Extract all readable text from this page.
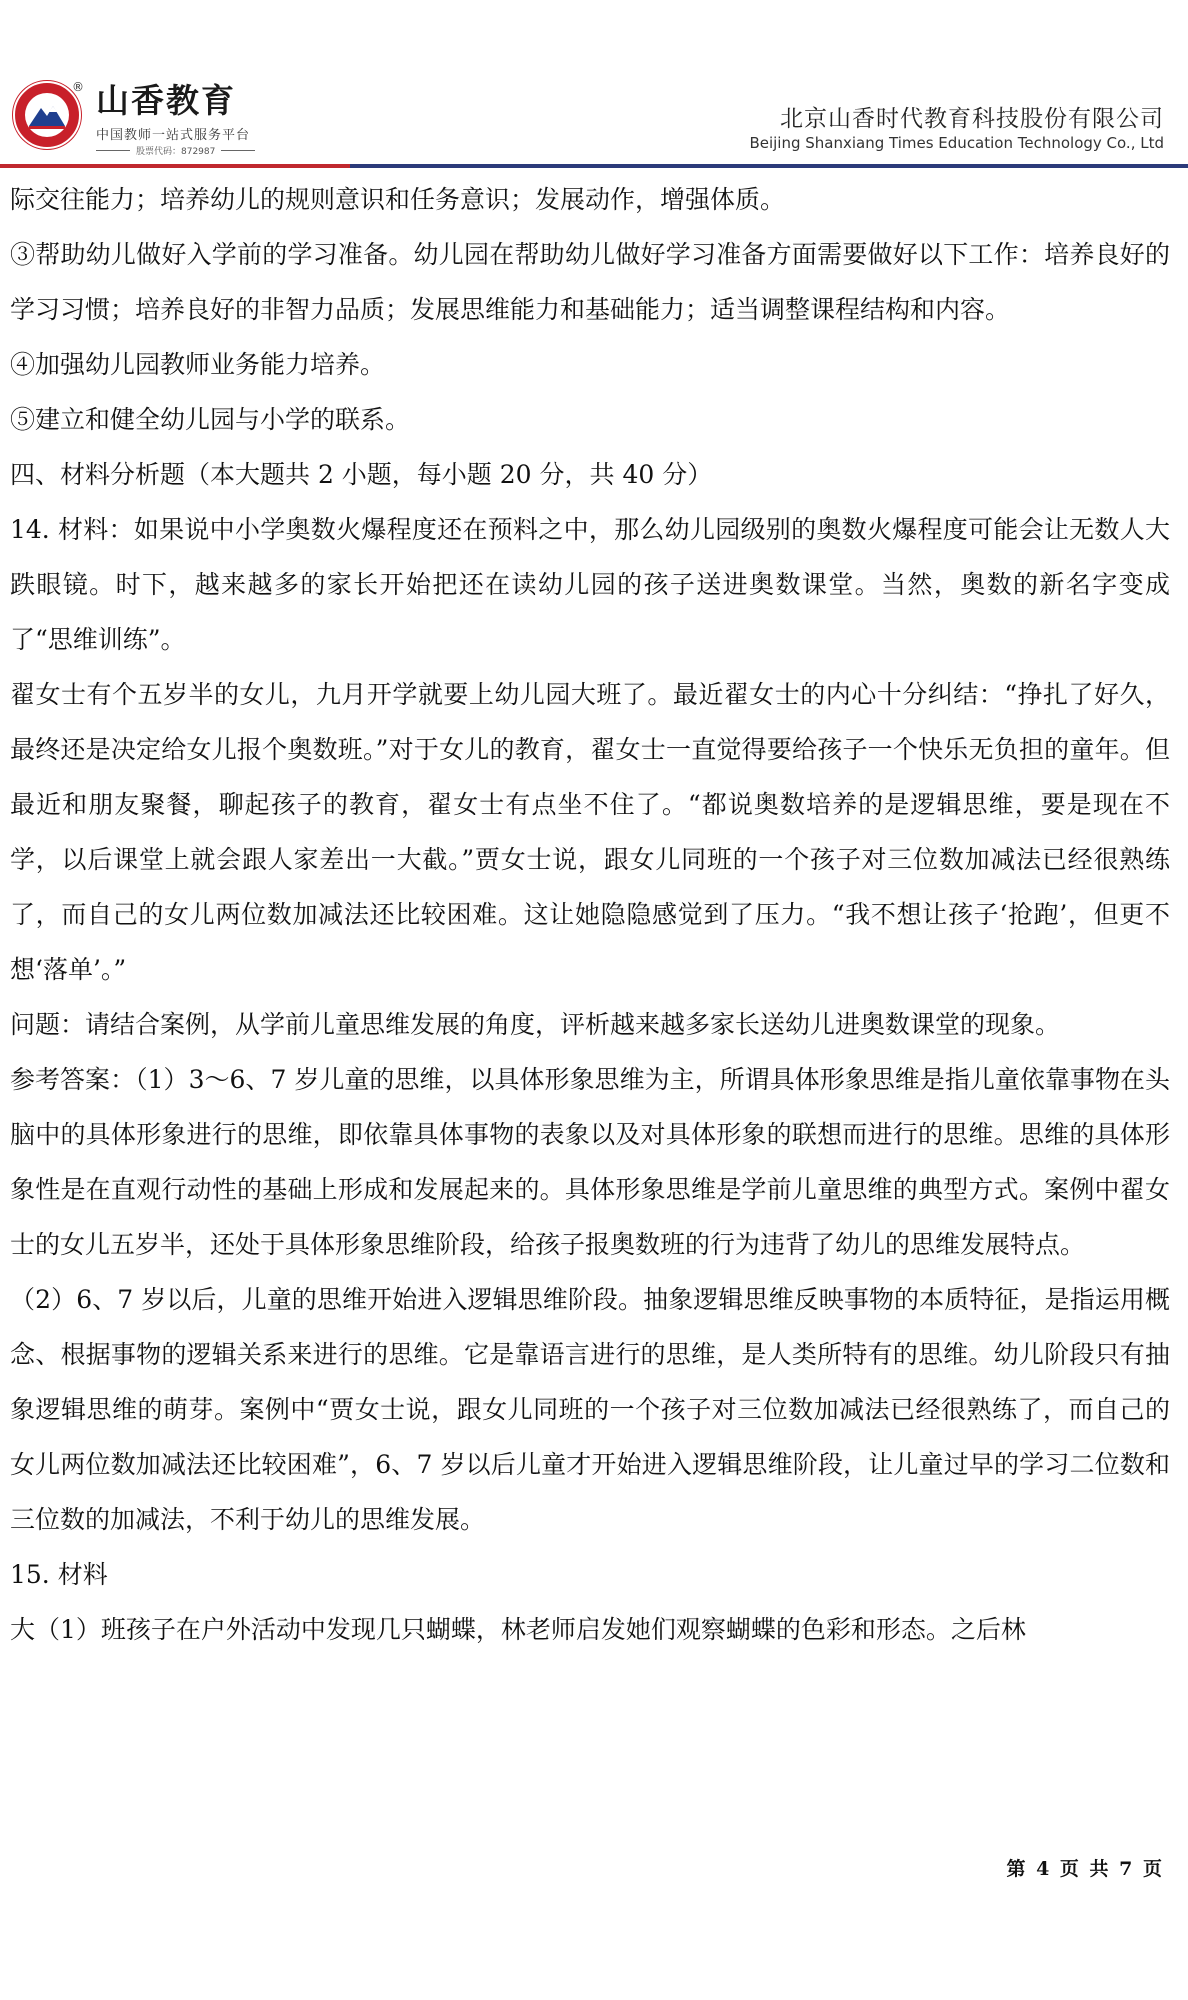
® 山香教育
中国教师一站式服务平台
股票代码：872987
北京山香时代教育科技股份有限公司
Beijing Shanxiang Times Education Technology Co., Ltd

际交往能力；培养幼儿的规则意识和任务意识；发展动作，增强体质。

③帮助幼儿做好入学前的学习准备。幼儿园在帮助幼儿做好学习准备方面需要做好以下工作：培养良好的学习习惯；培养良好的非智力品质；发展思维能力和基础能力；适当调整课程结构和内容。

④加强幼儿园教师业务能力培养。

⑤建立和健全幼儿园与小学的联系。

四、材料分析题（本大题共 2 小题，每小题 20 分，共 40 分）

14. 材料：如果说中小学奥数火爆程度还在预料之中，那么幼儿园级别的奥数火爆程度可能会让无数人大跌眼镜。时下，越来越多的家长开始把还在读幼儿园的孩子送进奥数课堂。当然，奥数的新名字变成了“思维训练”。

翟女士有个五岁半的女儿，九月开学就要上幼儿园大班了。最近翟女士的内心十分纠结：“挣扎了好久，最终还是决定给女儿报个奥数班。”对于女儿的教育，翟女士一直觉得要给孩子一个快乐无负担的童年。但最近和朋友聚餐，聊起孩子的教育，翟女士有点坐不住了。“都说奥数培养的是逻辑思维，要是现在不学，以后课堂上就会跟人家差出一大截。”贾女士说，跟女儿同班的一个孩子对三位数加减法已经很熟练了，而自己的女儿两位数加减法还比较困难。这让她隐隐感觉到了压力。“我不想让孩子‘抢跑’，但更不想‘落单’。”

问题：请结合案例，从学前儿童思维发展的角度，评析越来越多家长送幼儿进奥数课堂的现象。

参考答案：（1）3～6、7 岁儿童的思维，以具体形象思维为主，所谓具体形象思维是指儿童依靠事物在头脑中的具体形象进行的思维，即依靠具体事物的表象以及对具体形象的联想而进行的思维。思维的具体形象性是在直观行动性的基础上形成和发展起来的。具体形象思维是学前儿童思维的典型方式。案例中翟女士的女儿五岁半，还处于具体形象思维阶段，给孩子报奥数班的行为违背了幼儿的思维发展特点。

（2）6、7 岁以后，儿童的思维开始进入逻辑思维阶段。抽象逻辑思维反映事物的本质特征，是指运用概念、根据事物的逻辑关系来进行的思维。它是靠语言进行的思维，是人类所特有的思维。幼儿阶段只有抽象逻辑思维的萌芽。案例中“贾女士说，跟女儿同班的一个孩子对三位数加减法已经很熟练了，而自己的女儿两位数加减法还比较困难”，6、7 岁以后儿童才开始进入逻辑思维阶段，让儿童过早的学习二位数和三位数的加减法，不利于幼儿的思维发展。

15. 材料

大（1）班孩子在户外活动中发现几只蝴蝶，林老师启发她们观察蝴蝶的色彩和形态。之后林

第 4 页 共 7 页
